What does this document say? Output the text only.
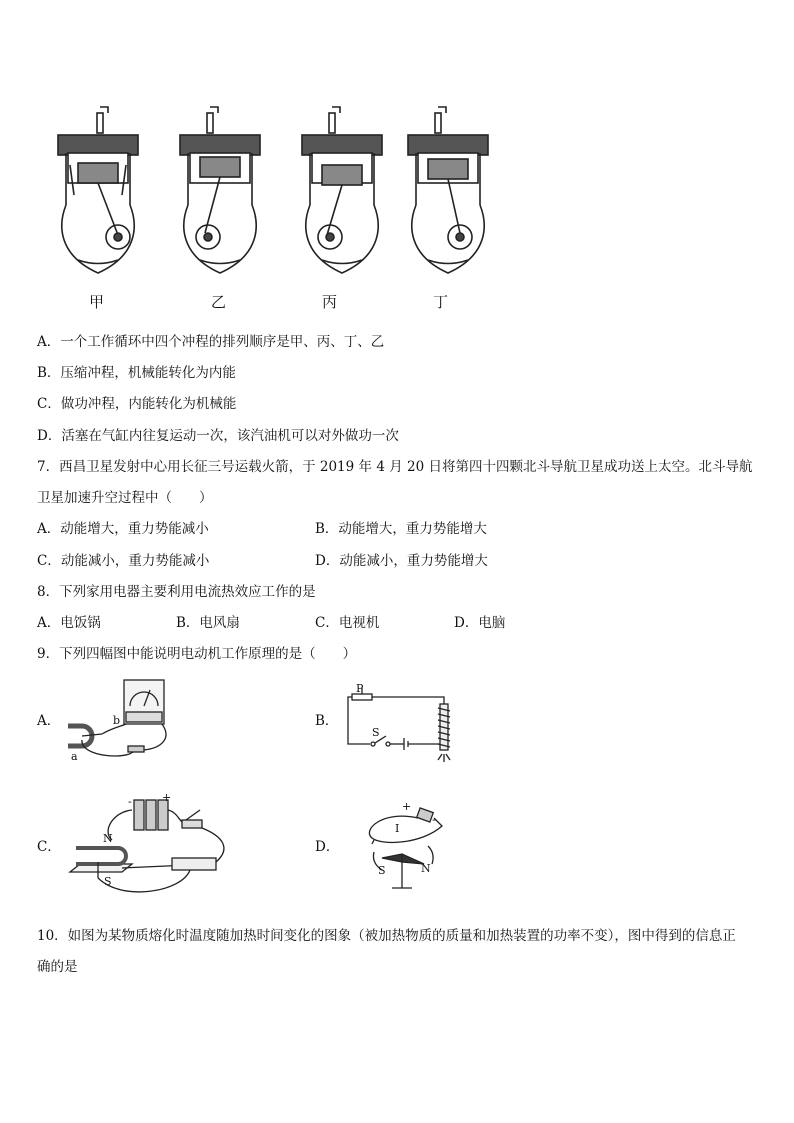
甲	乙	丙	丁
A．一个工作循环中四个冲程的排列顺序是甲、丙、丁、乙
B．压缩冲程，机械能转化为内能
C．做功冲程，内能转化为机械能
D．活塞在气缸内往复运动一次，该汽油机可以对外做功一次
7．西昌卫星发射中心用长征三号运载火箭，于 2019 年 4 月 20 日将第四十四颗北斗导航卫星成功送上太空。北斗导航
卫星加速升空过程中（　　）
A．动能增大，重力势能减小	B．动能增大，重力势能增大
C．动能减小，重力势能减小	D．动能减小，重力势能增大
8．下列家用电器主要利用电流热效应工作的是
A．电饭锅	B．电风扇	C．电视机	D．电脑
9．下列四幅图中能说明电动机工作原理的是（　　）
A．	B．
C．	D．
a
b
P
S
N
S
-	+
I
S	N
+
-
10．如图为某物质熔化时温度随加热时间变化的图象（被加热物质的质量和加热装置的功率不变），图中得到的信息正
确的是
